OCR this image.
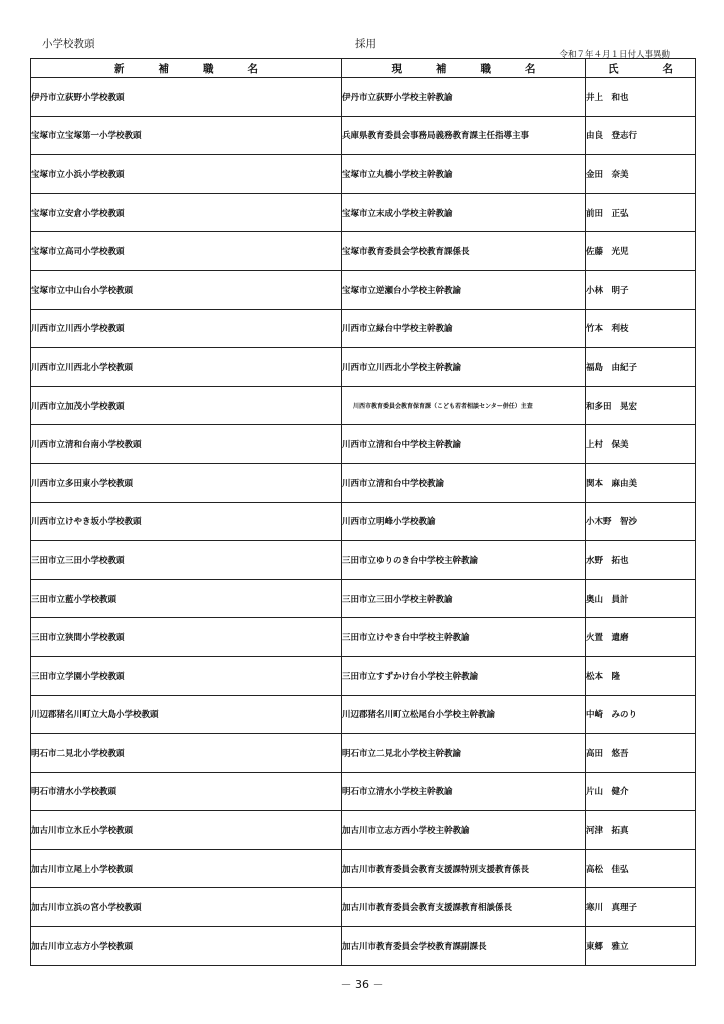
小学校教頭	採用
令和７年４月１日付人事異動
新補職名	現補職名	氏名
伊丹市立荻野小学校教頭	伊丹市立荻野小学校主幹教諭	井上　和也
宝塚市立宝塚第一小学校教頭	兵庫県教育委員会事務局義務教育課主任指導主事	由良　登志行
宝塚市立小浜小学校教頭	宝塚市立丸橋小学校主幹教諭	金田　奈美
宝塚市立安倉小学校教頭	宝塚市立末成小学校主幹教諭	前田　正弘
宝塚市立高司小学校教頭	宝塚市教育委員会学校教育課係長	佐藤　光児
宝塚市立中山台小学校教頭	宝塚市立逆瀬台小学校主幹教諭	小林　明子
川西市立川西小学校教頭	川西市立緑台中学校主幹教諭	竹本　利枝
川西市立川西北小学校教頭	川西市立川西北小学校主幹教諭	福島　由紀子
川西市立加茂小学校教頭	川西市教育委員会教育保育課（こども若者相談センター併任）主査	和多田　晃宏
川西市立清和台南小学校教頭	川西市立清和台中学校主幹教諭	上村　保美
川西市立多田東小学校教頭	川西市立清和台中学校教諭	関本　麻由美
川西市立けやき坂小学校教頭	川西市立明峰小学校教諭	小木野　智沙
三田市立三田小学校教頭	三田市立ゆりのき台中学校主幹教諭	水野　拓也
三田市立藍小学校教頭	三田市立三田小学校主幹教諭	奥山　員計
三田市立狭間小学校教頭	三田市立けやき台中学校主幹教諭	火置　遺磨
三田市立学園小学校教頭	三田市立すずかけ台小学校主幹教諭	松本　隆
川辺郡猪名川町立大島小学校教頭	川辺郡猪名川町立松尾台小学校主幹教諭	中崎　みのり
明石市二見北小学校教頭	明石市立二見北小学校主幹教諭	高田　悠吾
明石市清水小学校教頭	明石市立清水小学校主幹教諭	片山　健介
加古川市立氷丘小学校教頭	加古川市立志方西小学校主幹教諭	河津　拓真
加古川市立尾上小学校教頭	加古川市教育委員会教育支援課特別支援教育係長	高松　佳弘
加古川市立浜の宮小学校教頭	加古川市教育委員会教育支援課教育相談係長	寒川　真理子
加古川市立志方小学校教頭	加古川市教育委員会学校教育課副課長	東郷　雅立
－ 36 －
